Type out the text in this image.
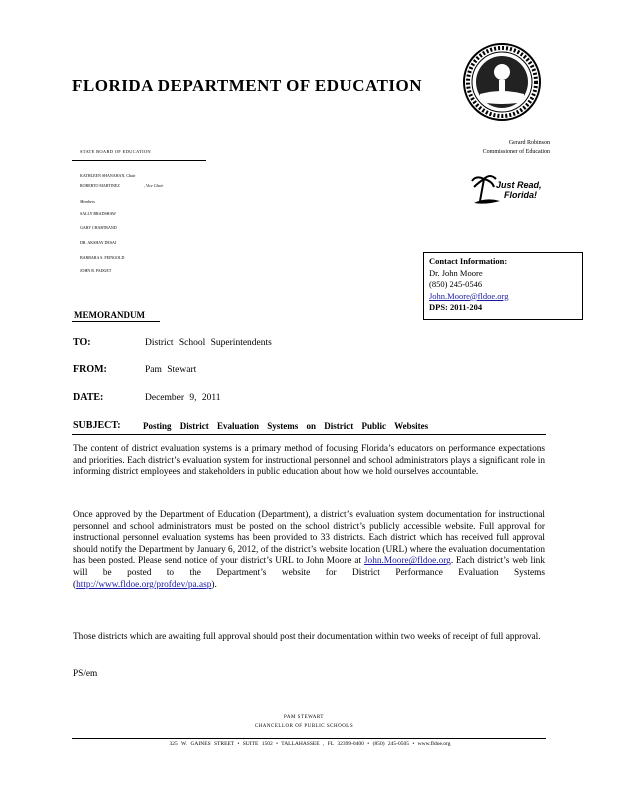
FLORIDA DEPARTMENT OF EDUCATION
Gerard Robinson
Commissioner of Education
Just Read,
Florida!
STATE BOARD OF EDUCATION
KATHLEEN SHANAHAN, Chair
ROBERTO MARTINEZ	, Vice Chair
Members
SALLY BRADSHAW
GARY CHARTRAND
DR. AKSHAY DESAI
BARBARA S. FEINGOLD
JOHN R. PADGET
Contact Information:
Dr. John Moore
(850) 245-0546
John.Moore@fldoe.org
DPS: 2011-204
MEMORANDUM
TO:	District School Superintendents
FROM:	Pam Stewart
DATE:	December 9, 2011
SUBJECT: Posting District Evaluation Systems on District Public Websites
The content of district evaluation systems is a primary method of focusing Florida’s educators on performance expectations and priorities. Each district’s evaluation system for instructional personnel and school administrators plays a significant role in informing district employees and stakeholders in public education about how we hold ourselves accountable.
Once approved by the Department of Education (Department), a district’s evaluation system documentation for instructional personnel and school administrators must be posted on the school district’s publicly accessible website. Full approval for instructional personnel evaluation systems has been provided to 33 districts. Each district which has received full approval should notify the Department by January 6, 2012, of the district’s website location (URL) where the evaluation documentation has been posted. Please send notice of your district’s URL to John Moore at John.Moore@fldoe.org. Each district’s web link will be posted to the Department’s website for District Performance Evaluation Systems (http://www.fldoe.org/profdev/pa.asp).
Those districts which are awaiting full approval should post their documentation within two weeks of receipt of full approval.
PS/em
PAM STEWART
CHANCELLOR OF PUBLIC SCHOOLS
325 W. GAINES STREET • SUITE 1502 • TALLAHASSEE , FL 32399-0400 • (850) 245-0505 • www.fldoe.org
